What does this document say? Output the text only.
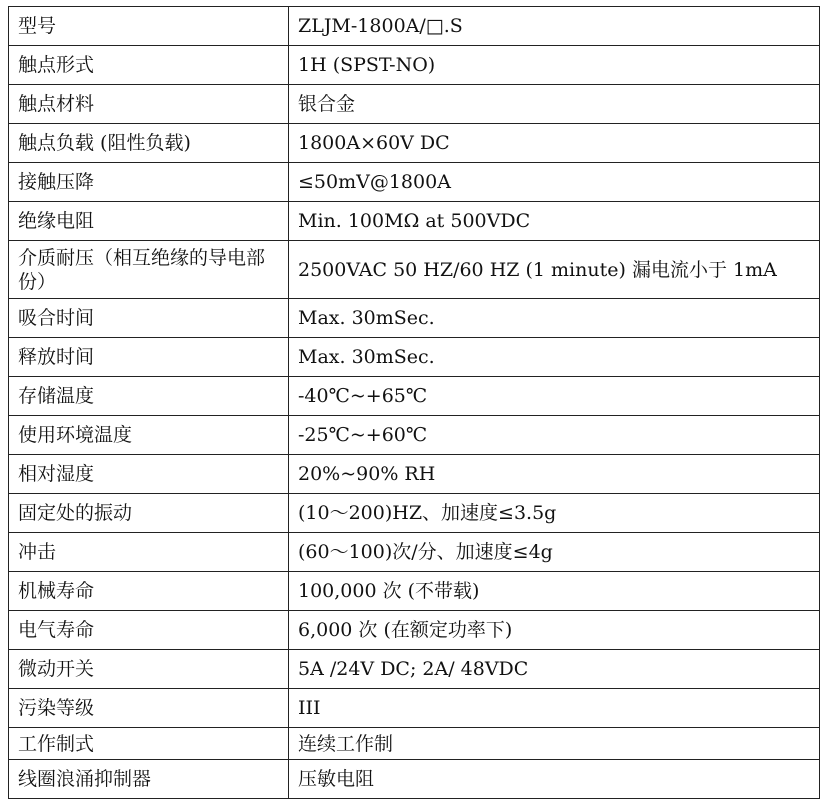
型号	ZLJM-1800A/□.S
触点形式	1H (SPST-NO)
触点材料	银合金
触点负载 (阻性负载)	1800A×60V DC
接触压降	≤50mV@1800A
绝缘电阻	Min. 100MΩ at 500VDC
介质耐压（相互绝缘的导电部份）	2500VAC 50 HZ/60 HZ (1 minute) 漏电流小于 1mA
吸合时间	Max. 30mSec.
释放时间	Max. 30mSec.
存储温度	-40℃~+65℃
使用环境温度	-25℃~+60℃
相对湿度	20%~90% RH
固定处的振动	(10～200)HZ、加速度≤3.5g
冲击	(60～100)次/分、加速度≤4g
机械寿命	100,000 次 (不带载)
电气寿命	6,000 次 (在额定功率下)
微动开关	5A /24V DC; 2A/ 48VDC
污染等级	III
工作制式	连续工作制
线圈浪涌抑制器	压敏电阻
